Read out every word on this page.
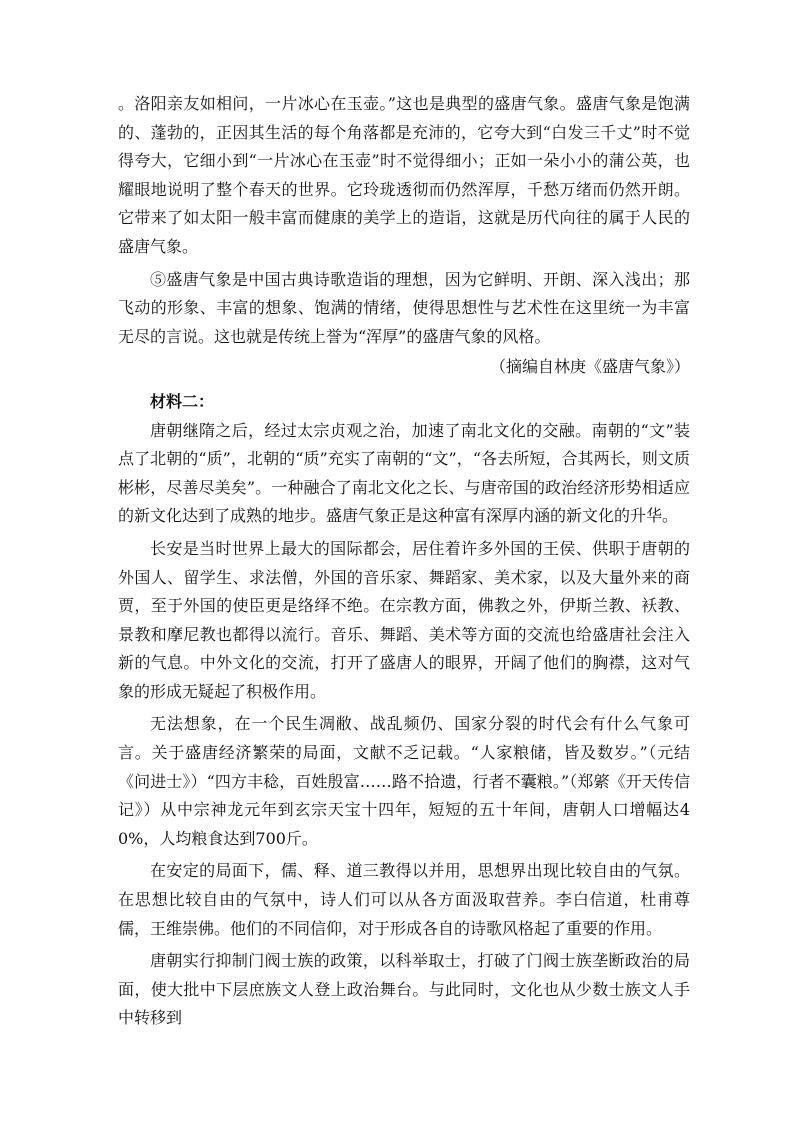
。洛阳亲友如相问，一片冰心在玉壶。”这也是典型的盛唐气象。盛唐气象是饱满的、蓬勃的，正因其生活的每个角落都是充沛的，它夸大到“白发三千丈”时不觉得夸大，它细小到“一片冰心在玉壶”时不觉得细小；正如一朵小小的蒲公英，也耀眼地说明了整个春天的世界。它玲珑透彻而仍然浑厚，千愁万绪而仍然开朗。它带来了如太阳一般丰富而健康的美学上的造诣，这就是历代向往的属于人民的盛唐气象。

⑤盛唐气象是中国古典诗歌造诣的理想，因为它鲜明、开朗、深入浅出；那飞动的形象、丰富的想象、饱满的情绪，使得思想性与艺术性在这里统一为丰富无尽的言说。这也就是传统上誉为“浑厚”的盛唐气象的风格。

（摘编自林庚《盛唐气象》）

材料二：

唐朝继隋之后，经过太宗贞观之治，加速了南北文化的交融。南朝的“文”装点了北朝的“质”，北朝的“质”充实了南朝的“文”，“各去所短，合其两长，则文质彬彬，尽善尽美矣”。一种融合了南北文化之长、与唐帝国的政治经济形势相适应的新文化达到了成熟的地步。盛唐气象正是这种富有深厚内涵的新文化的升华。

长安是当时世界上最大的国际都会，居住着许多外国的王侯、供职于唐朝的外国人、留学生、求法僧，外国的音乐家、舞蹈家、美术家，以及大量外来的商贾，至于外国的使臣更是络绎不绝。在宗教方面，佛教之外，伊斯兰教、袄教、景教和摩尼教也都得以流行。音乐、舞蹈、美术等方面的交流也给盛唐社会注入新的气息。中外文化的交流，打开了盛唐人的眼界，开阔了他们的胸襟，这对气象的形成无疑起了积极作用。

无法想象，在一个民生凋敝、战乱频仍、国家分裂的时代会有什么气象可言。关于盛唐经济繁荣的局面，文献不乏记载。“人家粮储，皆及数岁。”（元结《问进士》）“四方丰稔，百姓殷富……路不拾遗，行者不囊粮。”（郑綮《开天传信记》）从中宗神龙元年到玄宗天宝十四年，短短的五十年间，唐朝人口增幅达40%，人均粮食达到700斤。

在安定的局面下，儒、释、道三教得以并用，思想界出现比较自由的气氛。在思想比较自由的气氛中，诗人们可以从各方面汲取营养。李白信道，杜甫尊儒，王维崇佛。他们的不同信仰，对于形成各自的诗歌风格起了重要的作用。

唐朝实行抑制门阀士族的政策，以科举取士，打破了门阀士族垄断政治的局面，使大批中下层庶族文人登上政治舞台。与此同时，文化也从少数士族文人手中转移到
